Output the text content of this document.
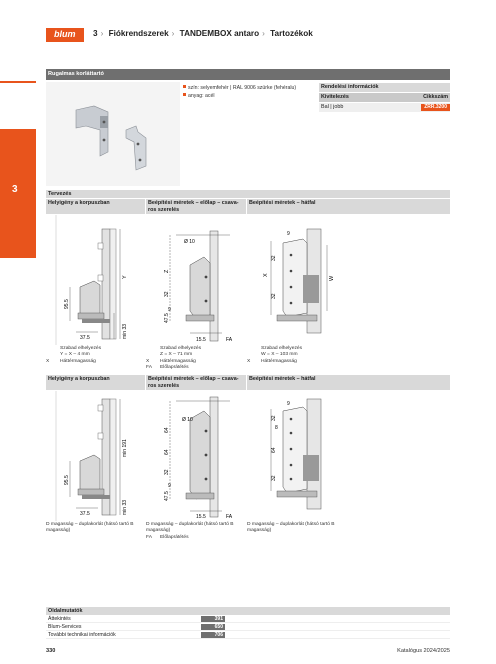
blum 3 › Fiókrendszerek › TANDEMBOX antaro › Tartozékok
3
Rugalmas korláttartó
szín: selyemfehér | RAL 9006 szürke (fehéralu)
anyag: acél
Rendelési információk
Kivitelezés	Cikkszám
Bal | jobb	ZRR.3200
Tervezés
Helyigény a korpuszban	Beépítési méretek – előlap – csava-ros szerelés
Beépítési méretek – hátfal
95.5
37.5	min 33
Y
Ø 10
Z
32
9
47.5
15.5	FA
9
32
32
X
W
Szabad elhelyezés
Y = X – 4 mm
X Háttérmagasság
Szabad elhelyezés
Z = X – 71 mm
X Háttérmagasság
FA Előlaprátétés
Szabad elhelyezés
W = X – 103 mm
X Háttérmagasság
Helyigény a korpuszban	Beépítési méretek – előlap – csava-ros szerelés
Beépítési méretek – hátfal
95.5
37.5
min 191
min 33
Ø 10
64
64
32
9
47.5
15.5	FA
9
32
8
64
32
D magasság – duplakorlát (hátsó tartó B magasság)
D magasság – duplakorlát (hátsó tartó B magasság)
FA Előlaprátétés
D magasság – duplakorlát (hátsó tartó B magasság)
Oldalmutatók
Áttekintés	391
Blum-Services	650
További technikai információk	706
330	Katalógus 2024/2025
